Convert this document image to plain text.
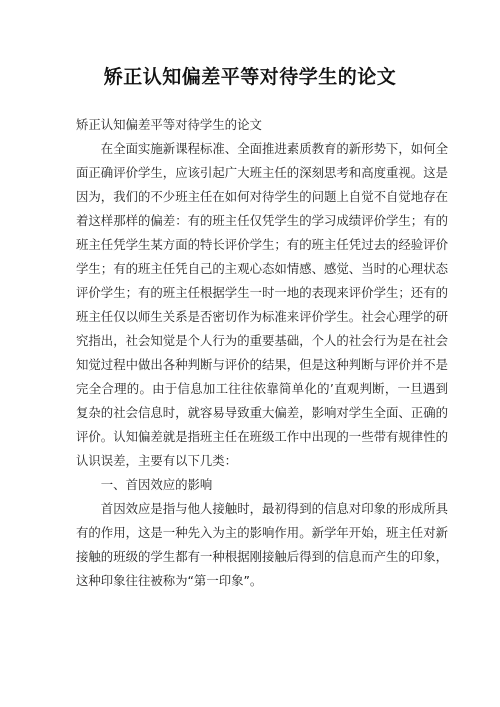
矫正认知偏差平等对待学生的论文

矫正认知偏差平等对待学生的论文

在全面实施新课程标准、全面推进素质教育的新形势下，如何全面正确评价学生，应该引起广大班主任的深刻思考和高度重视。这是因为，我们的不少班主任在如何对待学生的问题上自觉不自觉地存在着这样那样的偏差：有的班主任仅凭学生的学习成绩评价学生；有的班主任凭学生某方面的特长评价学生；有的班主任凭过去的经验评价学生；有的班主任凭自己的主观心态如情感、感觉、当时的心理状态评价学生；有的班主任根据学生一时一地的表现来评价学生；还有的班主任仅以师生关系是否密切作为标准来评价学生。社会心理学的研究指出，社会知觉是个人行为的重要基础，个人的社会行为是在社会知觉过程中做出各种判断与评价的结果，但是这种判断与评价并不是完全合理的。由于信息加工往往依靠简单化的’直观判断，一旦遇到复杂的社会信息时，就容易导致重大偏差，影响对学生全面、正确的评价。认知偏差就是指班主任在班级工作中出现的一些带有规律性的认识误差，主要有以下几类：

一、首因效应的影响

首因效应是指与他人接触时，最初得到的信息对印象的形成所具有的作用，这是一种先入为主的影响作用。新学年开始，班主任对新接触的班级的学生都有一种根据刚接触后得到的信息而产生的印象，这种印象往往被称为“第一印象”。
